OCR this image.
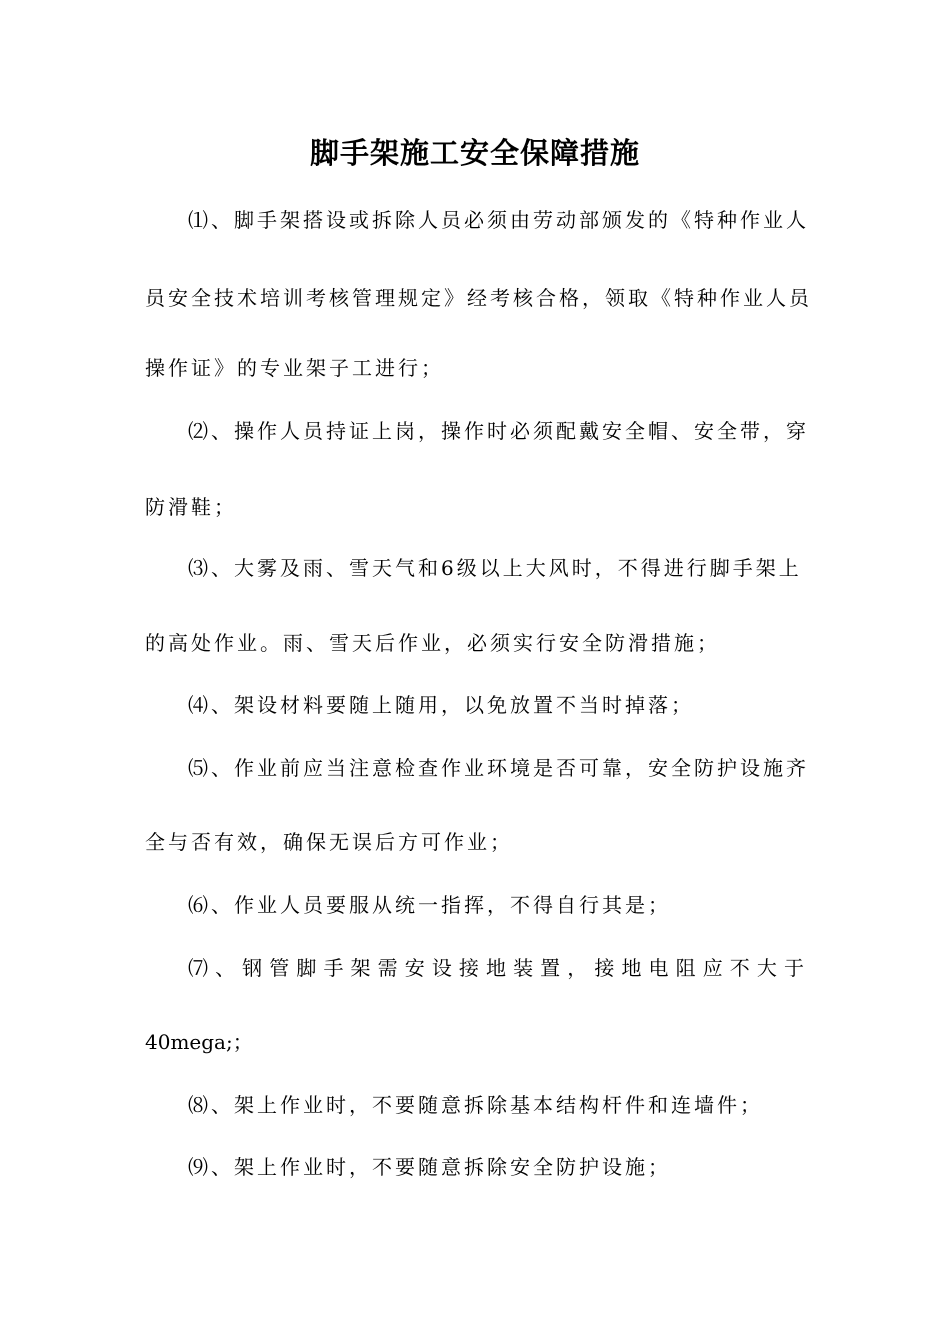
脚手架施工安全保障措施
⑴、脚手架搭设或拆除人员必须由劳动部颁发的《特种作业人
员安全技术培训考核管理规定》经考核合格，领取《特种作业人员
操作证》的专业架子工进行；
⑵、操作人员持证上岗，操作时必须配戴安全帽、安全带，穿
防滑鞋；
⑶、大雾及雨、雪天气和6级以上大风时，不得进行脚手架上
的高处作业。雨、雪天后作业，必须实行安全防滑措施；
⑷、架设材料要随上随用，以免放置不当时掉落；
⑸、作业前应当注意检查作业环境是否可靠，安全防护设施齐
全与否有效，确保无误后方可作业；
⑹、作业人员要服从统一指挥，不得自行其是；
⑺ 、 钢 管 脚 手 架 需 安 设 接 地 装 置 ， 接 地 电 阻 应 不 大 于
40mega;；
⑻、架上作业时，不要随意拆除基本结构杆件和连墙件；
⑼、架上作业时，不要随意拆除安全防护设施；
